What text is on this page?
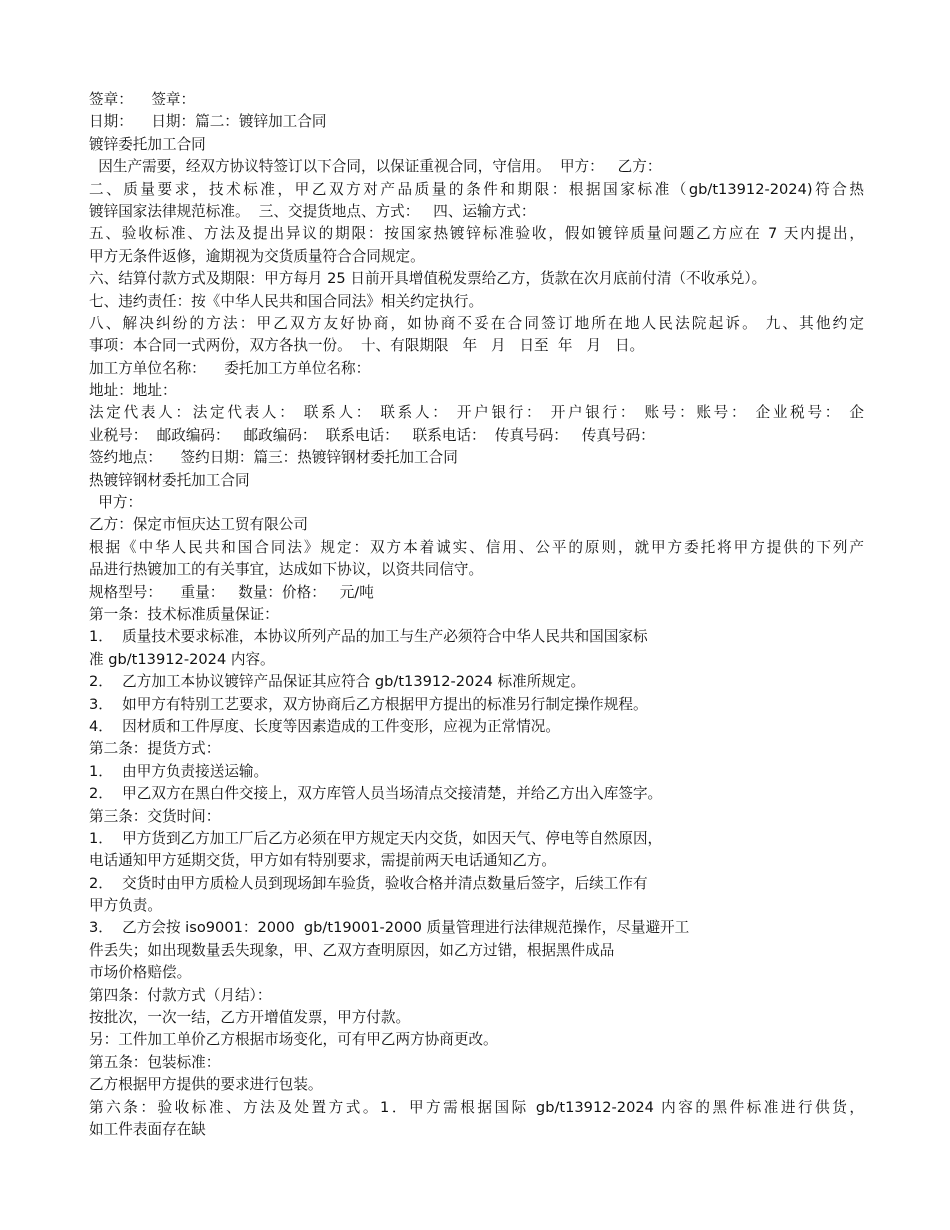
签章：    签章：
日期：    日期：篇二：镀锌加工合同
镀锌委托加工合同
因生产需要，经双方协议特签订以下合同，以保证重视合同，守信用。  甲方：   乙方：
二、质量要求，技术标准，甲乙双方对产品质量的条件和期限：根据国家标准（gb/t13912-2024)符合热
镀锌国家法律规范标准。  三、交提货地点、方式：   四、运输方式：
五、验收标准、方法及提出异议的期限：按国家热镀锌标准验收，假如镀锌质量问题乙方应在 7 天内提出，
甲方无条件返修，逾期视为交货质量符合合同规定。
六、结算付款方式及期限：甲方每月 25 日前开具增值税发票给乙方，货款在次月底前付清（不收承兑）。
七、违约责任：按《中华人民共和国合同法》相关约定执行。
八、解决纠纷的方法：甲乙双方友好协商，如协商不妥在合同签订地所在地人民法院起诉。 九、其他约定
事项：本合同一式两份，双方各执一份。  十、有限期限   年   月   日至  年   月   日。
加工方单位名称：    委托加工方单位名称：
地址：地址：
法定代表人：法定代表人： 联系人： 联系人： 开户银行： 开户银行： 账号：账号： 企业税号： 企
业税号：  邮政编码：   邮政编码：  联系电话：   联系电话：  传真号码：   传真号码：
签约地点：    签约日期：篇三：热镀锌钢材委托加工合同
热镀锌钢材委托加工合同
甲方：
乙方：保定市恒庆达工贸有限公司
根据《中华人民共和国合同法》规定：双方本着诚实、信用、公平的原则，就甲方委托将甲方提供的下列产
品进行热镀加工的有关事宜，达成如下协议，以资共同信守。
规格型号：    重量：   数量：价格：   元/吨
第一条：技术标准质量保证：
1．  质量技术要求标准，本协议所列产品的加工与生产必须符合中华人民共和国国家标
准 gb/t13912-2024 内容。
2．  乙方加工本协议镀锌产品保证其应符合 gb/t13912-2024 标准所规定。
3．  如甲方有特别工艺要求，双方协商后乙方根据甲方提出的标准另行制定操作规程。
4．  因材质和工件厚度、长度等因素造成的工件变形，应视为正常情况。
第二条：提货方式：
1．  由甲方负责接送运输。
2．  甲乙双方在黑白件交接上，双方库管人员当场清点交接清楚，并给乙方出入库签字。
第三条：交货时间：
1．  甲方货到乙方加工厂后乙方必须在甲方规定天内交货，如因天气、停电等自然原因，
电话通知甲方延期交货，甲方如有特别要求，需提前两天电话通知乙方。
2．  交货时由甲方质检人员到现场卸车验货，验收合格并清点数量后签字，后续工作有
甲方负责。
3．  乙方会按 iso9001：2000  gb/t19001-2000 质量管理进行法律规范操作，尽量避开工
件丢失；如出现数量丢失现象，甲、乙双方查明原因，如乙方过错，根据黑件成品
市场价格赔偿。
第四条：付款方式（月结）：
按批次，一次一结，乙方开增值发票，甲方付款。
另：工件加工单价乙方根据市场变化，可有甲乙两方协商更改。
第五条：包装标准：
乙方根据甲方提供的要求进行包装。
第六条：验收标准、方法及处置方式。1．甲方需根据国际 gb/t13912-2024 内容的黑件标准进行供货，
如工件表面存在缺
